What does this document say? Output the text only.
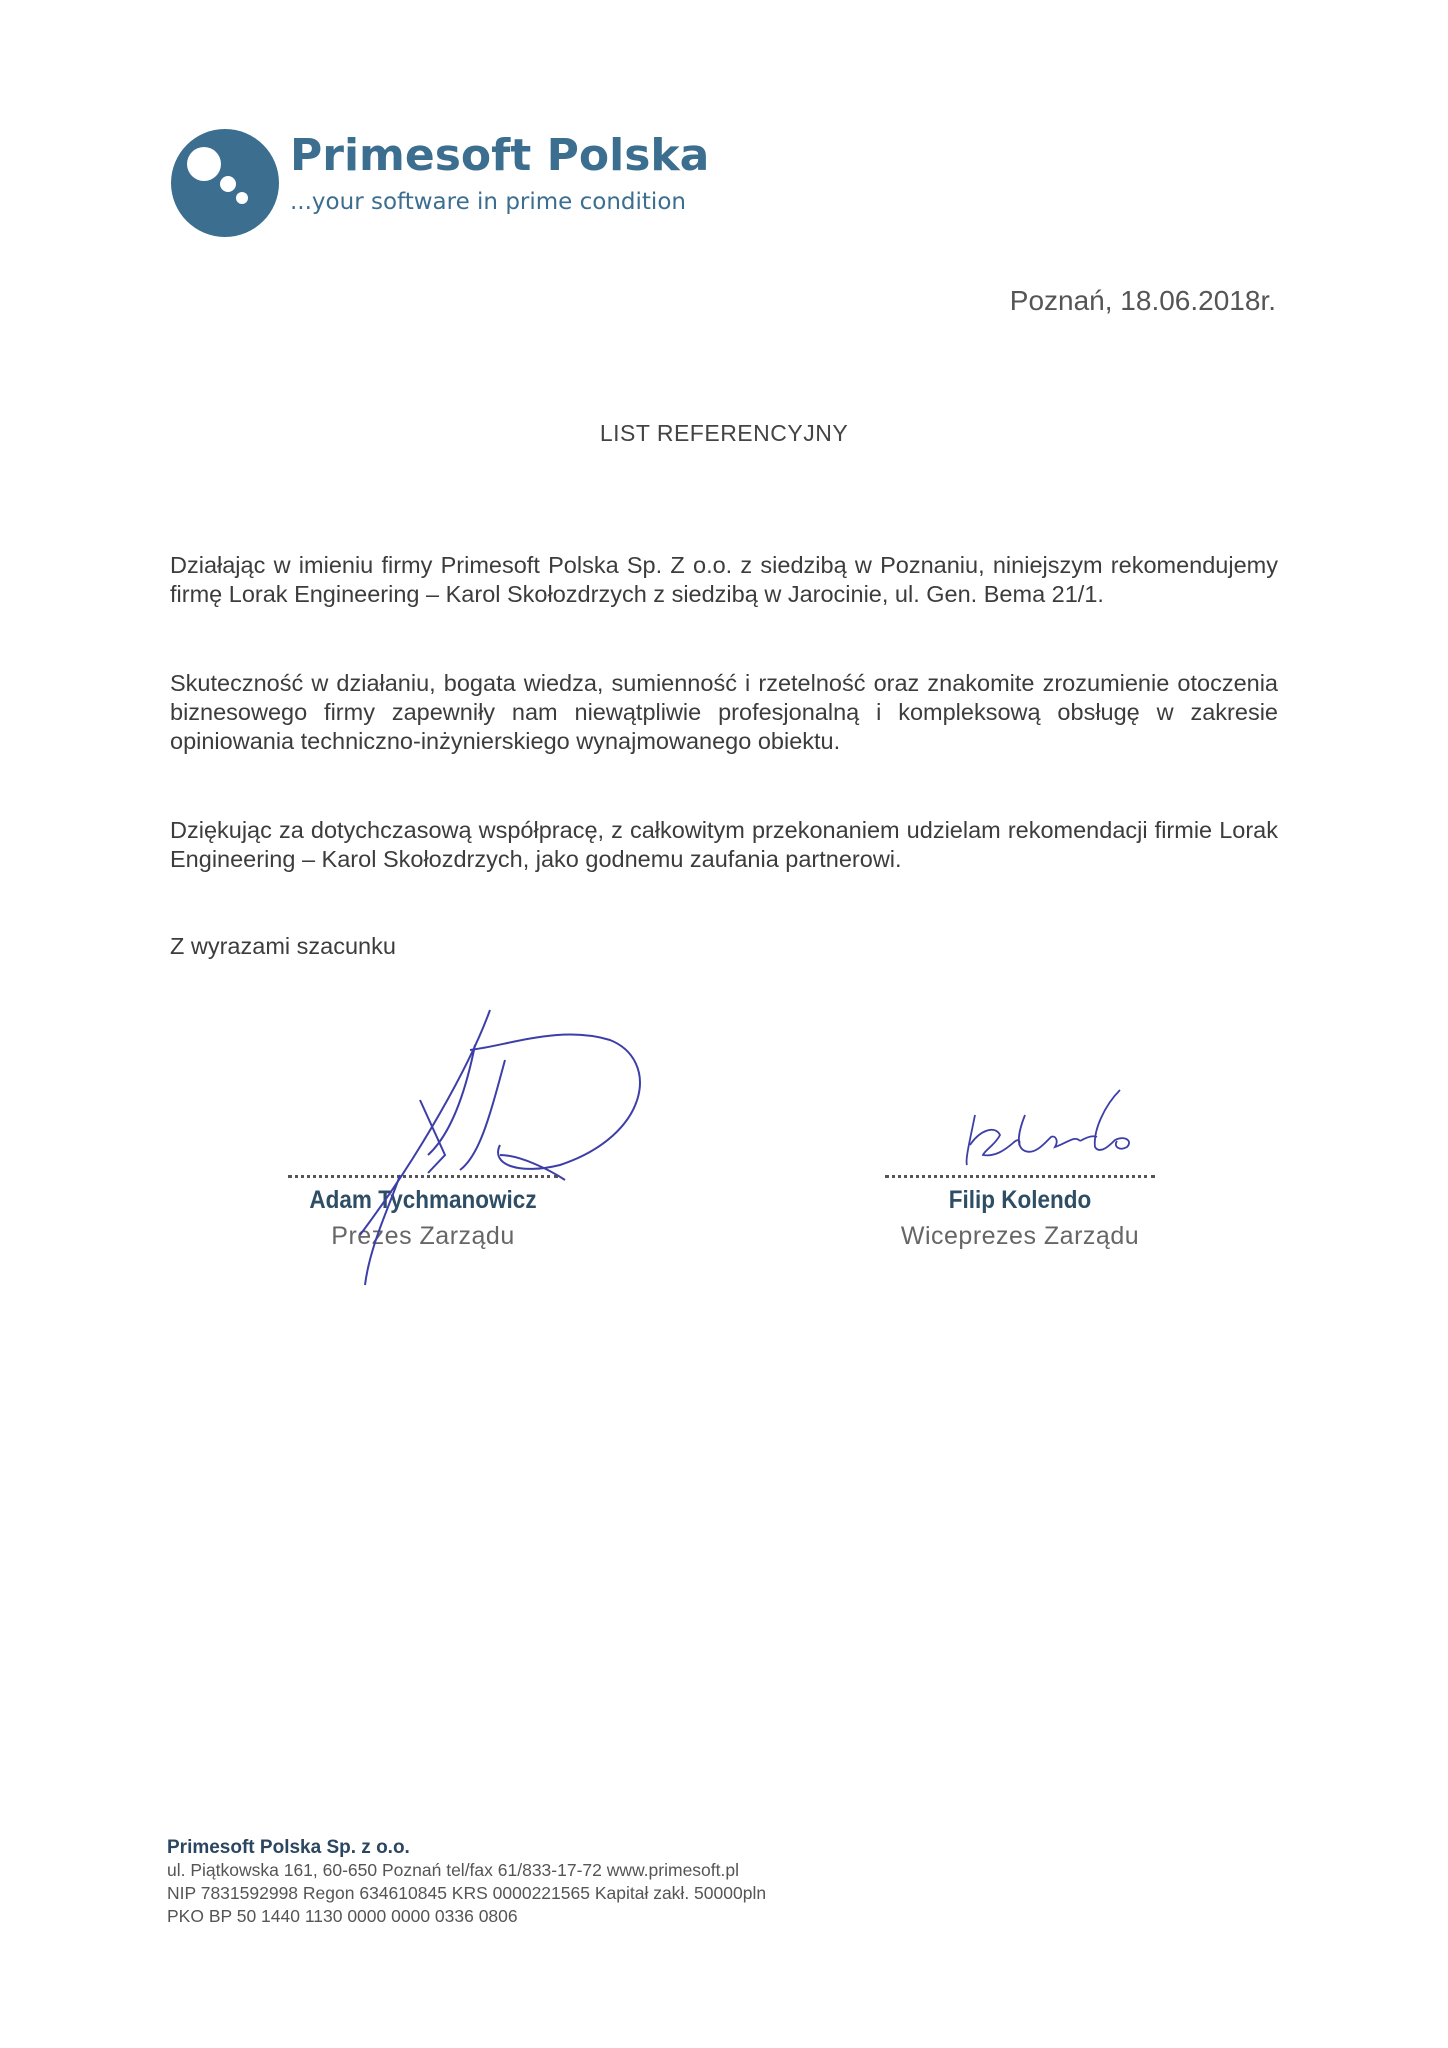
Primesoft Polska
...your software in prime condition
Poznań, 18.06.2018r.
LIST REFERENCYJNY
Działając w imieniu firmy Primesoft Polska Sp. Z o.o. z siedzibą w Poznaniu, niniejszym rekomendujemy firmę Lorak Engineering – Karol Skołozdrzych z siedzibą w Jarocinie, ul. Gen. Bema 21/1.
Skuteczność w działaniu, bogata wiedza, sumienność i rzetelność oraz znakomite zrozumienie otoczenia biznesowego firmy zapewniły nam niewątpliwie profesjonalną i kompleksową obsługę w zakresie opiniowania techniczno-inżynierskiego wynajmowanego obiektu.
Dziękując za dotychczasową współpracę, z całkowitym przekonaniem udzielam rekomendacji firmie Lorak Engineering – Karol Skołozdrzych, jako godnemu zaufania partnerowi.
Z wyrazami szacunku
Adam Tychmanowicz
Prezes Zarządu
Filip Kolendo
Wiceprezes Zarządu
Primesoft Polska Sp. z o.o.
ul. Piątkowska 161, 60-650 Poznań tel/fax 61/833-17-72 www.primesoft.pl
NIP 7831592998 Regon 634610845 KRS 0000221565 Kapitał zakł. 50000pln
PKO BP 50 1440 1130 0000 0000 0336 0806
